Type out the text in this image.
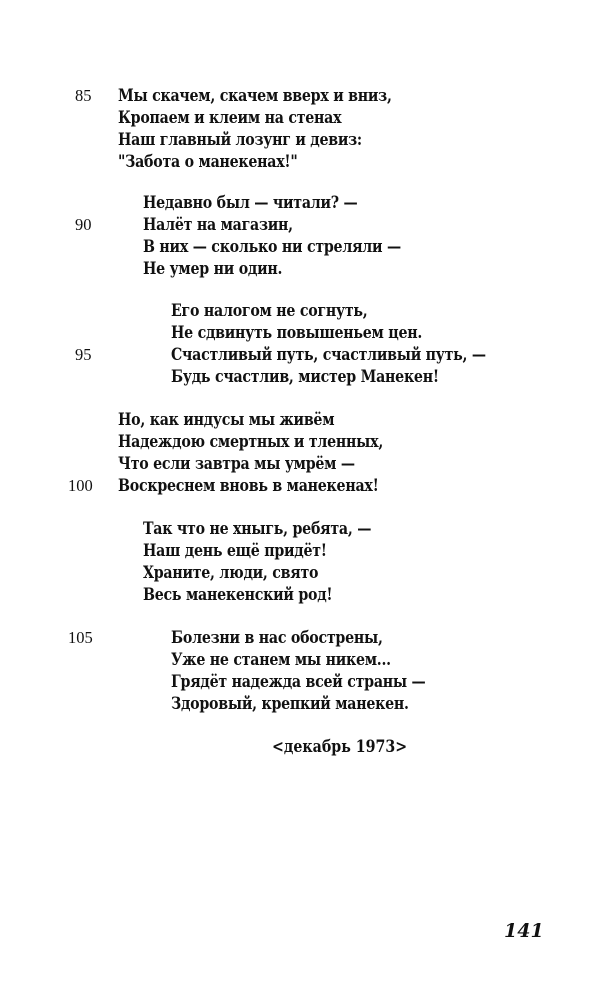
85 Мы скачем, скачем вверх и вниз,
Кропаем и клеим на стенах
Наш главный лозунг и девиз:
"Забота о манекенах!"
Недавно был — читали? —
90	Налёт на магазин,
В них — сколько ни стреляли —
Не умер ни один.
Его налогом не согнуть,
Не сдвинуть повышеньем цен.
95	Счастливый путь, счастливый путь, —
Будь счастлив, мистер Манекен!
Но, как индусы мы живём
Надеждою смертных и тленных,
Что если завтра мы умрём —
100 Воскреснем вновь в манекенах!
Так что не хныгь, ребята, —
Наш день ещё придёт!
Храните, люди, свято
Весь манекенский род!
105	Болезни в нас обострены,
Уже не станем мы никем...
Грядёт надежда всей страны —
Здоровый, крепкий манекен.
<декабрь 1973>
141
